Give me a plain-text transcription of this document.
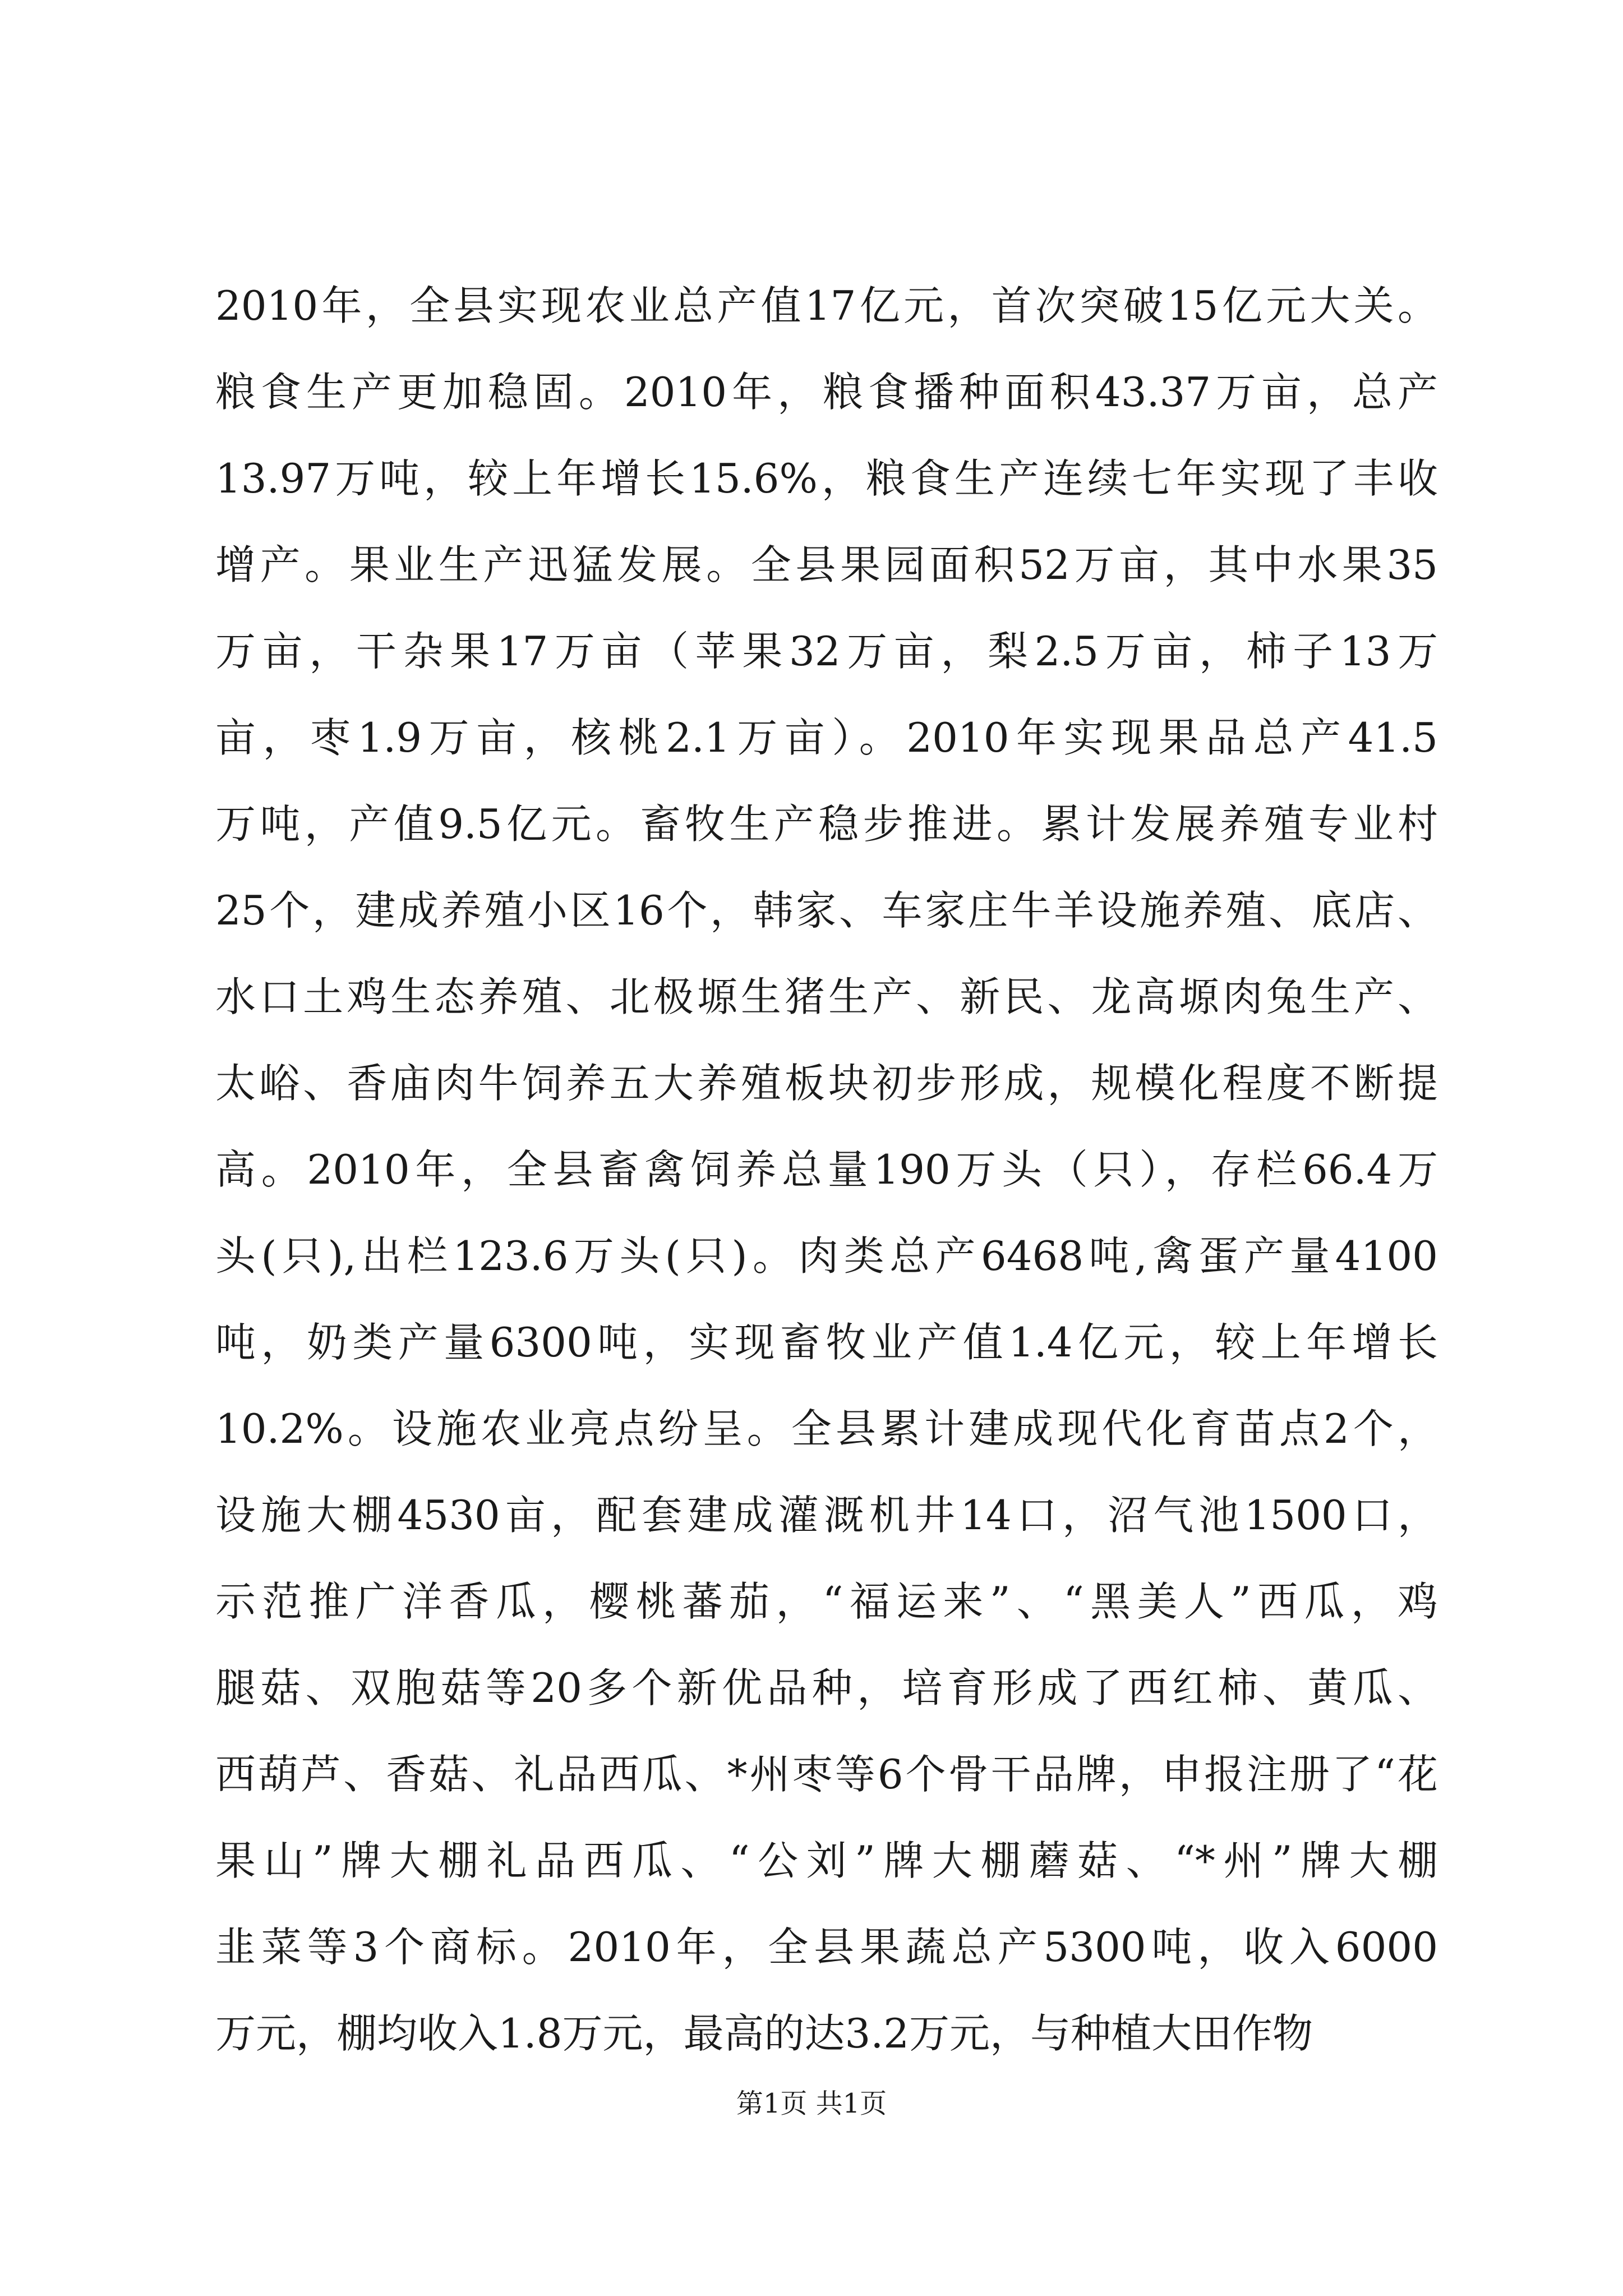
2010年，全县实现农业总产值17亿元，首次突破15亿元大关。
粮食生产更加稳固。2010年，粮食播种面积43.37万亩，总产
13.97万吨，较上年增长15.6%，粮食生产连续七年实现了丰收
增产。果业生产迅猛发展。全县果园面积52万亩，其中水果35
万亩，干杂果17万亩（苹果32万亩，梨2.5万亩，柿子13万
亩，枣1.9万亩，核桃2.1万亩）。2010年实现果品总产41.5
万吨，产值9.5亿元。畜牧生产稳步推进。累计发展养殖专业村
25个，建成养殖小区16个，韩家、车家庄牛羊设施养殖、底店、
水口土鸡生态养殖、北极塬生猪生产、新民、龙高塬肉兔生产、
太峪、香庙肉牛饲养五大养殖板块初步形成，规模化程度不断提
高。2010年，全县畜禽饲养总量190万头（只），存栏66.4万
头(只),出栏123.6万头(只)。肉类总产6468吨,禽蛋产量4100
吨，奶类产量6300吨，实现畜牧业产值1.4亿元，较上年增长
10.2%。设施农业亮点纷呈。全县累计建成现代化育苗点2个，
设施大棚4530亩，配套建成灌溉机井14口，沼气池1500口，
示范推广洋香瓜，樱桃蕃茄，“福运来”、“黑美人”西瓜，鸡
腿菇、双胞菇等20多个新优品种，培育形成了西红柿、黄瓜、
西葫芦、香菇、礼品西瓜、*州枣等6个骨干品牌，申报注册了“花
果山”牌大棚礼品西瓜、“公刘”牌大棚蘑菇、“*州”牌大棚
韭菜等3个商标。2010年，全县果蔬总产5300吨，收入6000
万元，棚均收入1.8万元，最高的达3.2万元，与种植大田作物
第1页 共1页
